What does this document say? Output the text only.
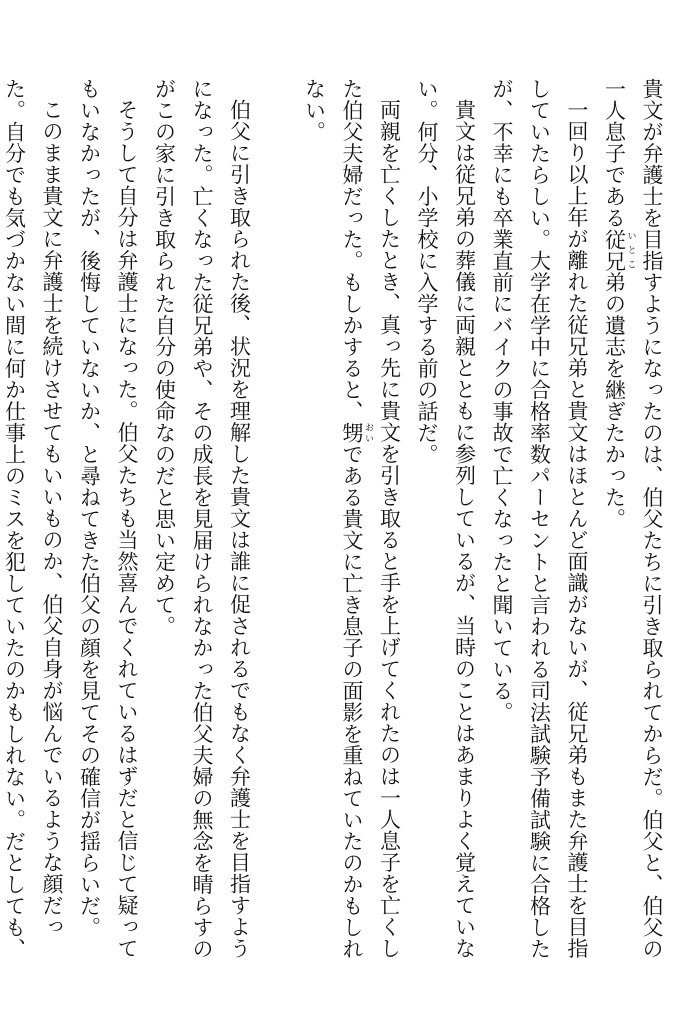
貴文が弁護士を目指すようになったのは、伯父たちに引き取られてからだ。伯父と、伯父の一人息子である従兄 いとこ弟の遺志を継ぎたかった。

一回り以上年が離れた従兄弟と貴文はほとんど面識がないが、従兄弟もまた弁護士を目指していたらしい。大学在学中に合格率数パーセントと言われる司法試験予備試験に合格したが、不幸にも卒業直前にバイクの事故で亡くなったと聞いている。

貴文は従兄弟の葬儀に両親とともに参列しているが、当時のことはあまりよく覚えていない。何分、小学校に入学する前の話だ。

両親を亡くしたとき、真っ先に貴文を引き取ると手を上げてくれたのは一人息子を亡くした伯父夫婦だった。もしかすると、甥 おいである貴文に亡き息子の面影を重ねていたのかもしれない。

伯父に引き取られた後、状況を理解した貴文は誰に促されるでもなく弁護士を目指すようになった。亡くなった従兄弟や、その成長を見届けられなかった伯父夫婦の無念を晴らすのがこの家に引き取られた自分の使命なのだと思い定めて。

そうして自分は弁護士になった。伯父たちも当然喜んでくれているはずだと信じて疑ってもいなかったが、後悔していないか、と尋ねてきた伯父の顔を見てその確信が揺らいだ。

このまま貴文に弁護士を続けさせてもいいものか、伯父自身が悩んでいるような顔だった。自分でも気づかない間に何か仕事上のミスを犯していたのかもしれない。だとしても、
